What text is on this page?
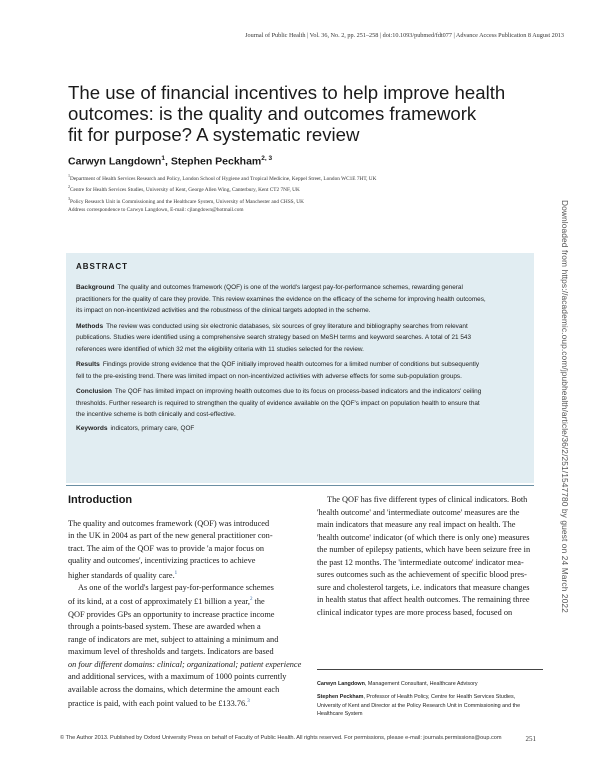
Journal of Public Health | Vol. 36, No. 2, pp. 251–258 | doi:10.1093/pubmed/fdt077 | Advance Access Publication 8 August 2013
The use of financial incentives to help improve health
outcomes: is the quality and outcomes framework
fit for purpose? A systematic review
Carwyn Langdown$^1$, Stephen Peckham$^{2, 3}$
$^1$Department of Health Services Research and Policy, London School of Hygiene and Tropical Medicine, Keppel Street, London WC1E 7HT, UK
$^2$Centre for Health Services Studies, University of Kent, George Allen Wing, Canterbury, Kent CT2 7NF, UK
$^3$Policy Research Unit in Commissioning and the Healthcare System, University of Manchester and CHSS, UK
Address correspondence to Carwyn Langdown, E-mail: cjlangdown@hotmail.com	Downloaded from https://academic.oup.com/jpubhealth/article/36/2/251/1547780 by guest on 24 March 2022
ABSTRACT
Background The quality and outcomes framework (QOF) is one of the world's largest pay-for-performance schemes, rewarding general
practitioners for the quality of care they provide. This review examines the evidence on the efficacy of the scheme for improving health outcomes,
its impact on non-incentivized activities and the robustness of the clinical targets adopted in the scheme.
Methods The review was conducted using six electronic databases, six sources of grey literature and bibliography searches from relevant
publications. Studies were identified using a comprehensive search strategy based on MeSH terms and keyword searches. A total of 21 543
references were identified of which 32 met the eligibility criteria with 11 studies selected for the review.
Results Findings provide strong evidence that the QOF initially improved health outcomes for a limited number of conditions but subsequently
fell to the pre-existing trend. There was limited impact on non-incentivized activities with adverse effects for some sub-population groups.
Conclusion The QOF has limited impact on improving health outcomes due to its focus on process-based indicators and the indicators' ceiling
thresholds. Further research is required to strengthen the quality of evidence available on the QOF's impact on population health to ensure that
the incentive scheme is both clinically and cost-effective.
Keywords indicators, primary care, QOF
Introduction
The quality and outcomes framework (QOF) was introduced
in the UK in 2004 as part of the new general practitioner con-
tract. The aim of the QOF was to provide 'a major focus on
quality and outcomes', incentivizing practices to achieve
higher standards of quality care.$^1$
As one of the world's largest pay-for-performance schemes
of its kind, at a cost of approximately £1 billion a year,$^2$ the
QOF provides GPs an opportunity to increase practice income
through a points-based system. These are awarded when a
range of indicators are met, subject to attaining a minimum and
maximum level of thresholds and targets. Indicators are based
on four different domains: clinical; organizational; patient experience
and additional services, with a maximum of 1000 points currently
available across the domains, which determine the amount each
practice is paid, with each point valued to be £133.76.$^3$
The QOF has five different types of clinical indicators. Both
'health outcome' and 'intermediate outcome' measures are the
main indicators that measure any real impact on health. The
'health outcome' indicator (of which there is only one) measures
the number of epilepsy patients, which have been seizure free in
the past 12 months. The 'intermediate outcome' indicator mea-
sures outcomes such as the achievement of specific blood pres-
sure and cholesterol targets, i.e. indicators that measure changes
in health status that affect health outcomes. The remaining three
clinical indicator types are more process based, focused on
Carwyn Langdown, Management Consultant, Healthcare Advisory
Stephen Peckham, Professor of Health Policy, Centre for Health Services Studies,
University of Kent and Director at the Policy Research Unit in Commissioning and the
Healthcare System
© The Author 2013. Published by Oxford University Press on behalf of Faculty of Public Health. All rights reserved. For permissions, please e-mail: journals.permissions@oup.com	251
